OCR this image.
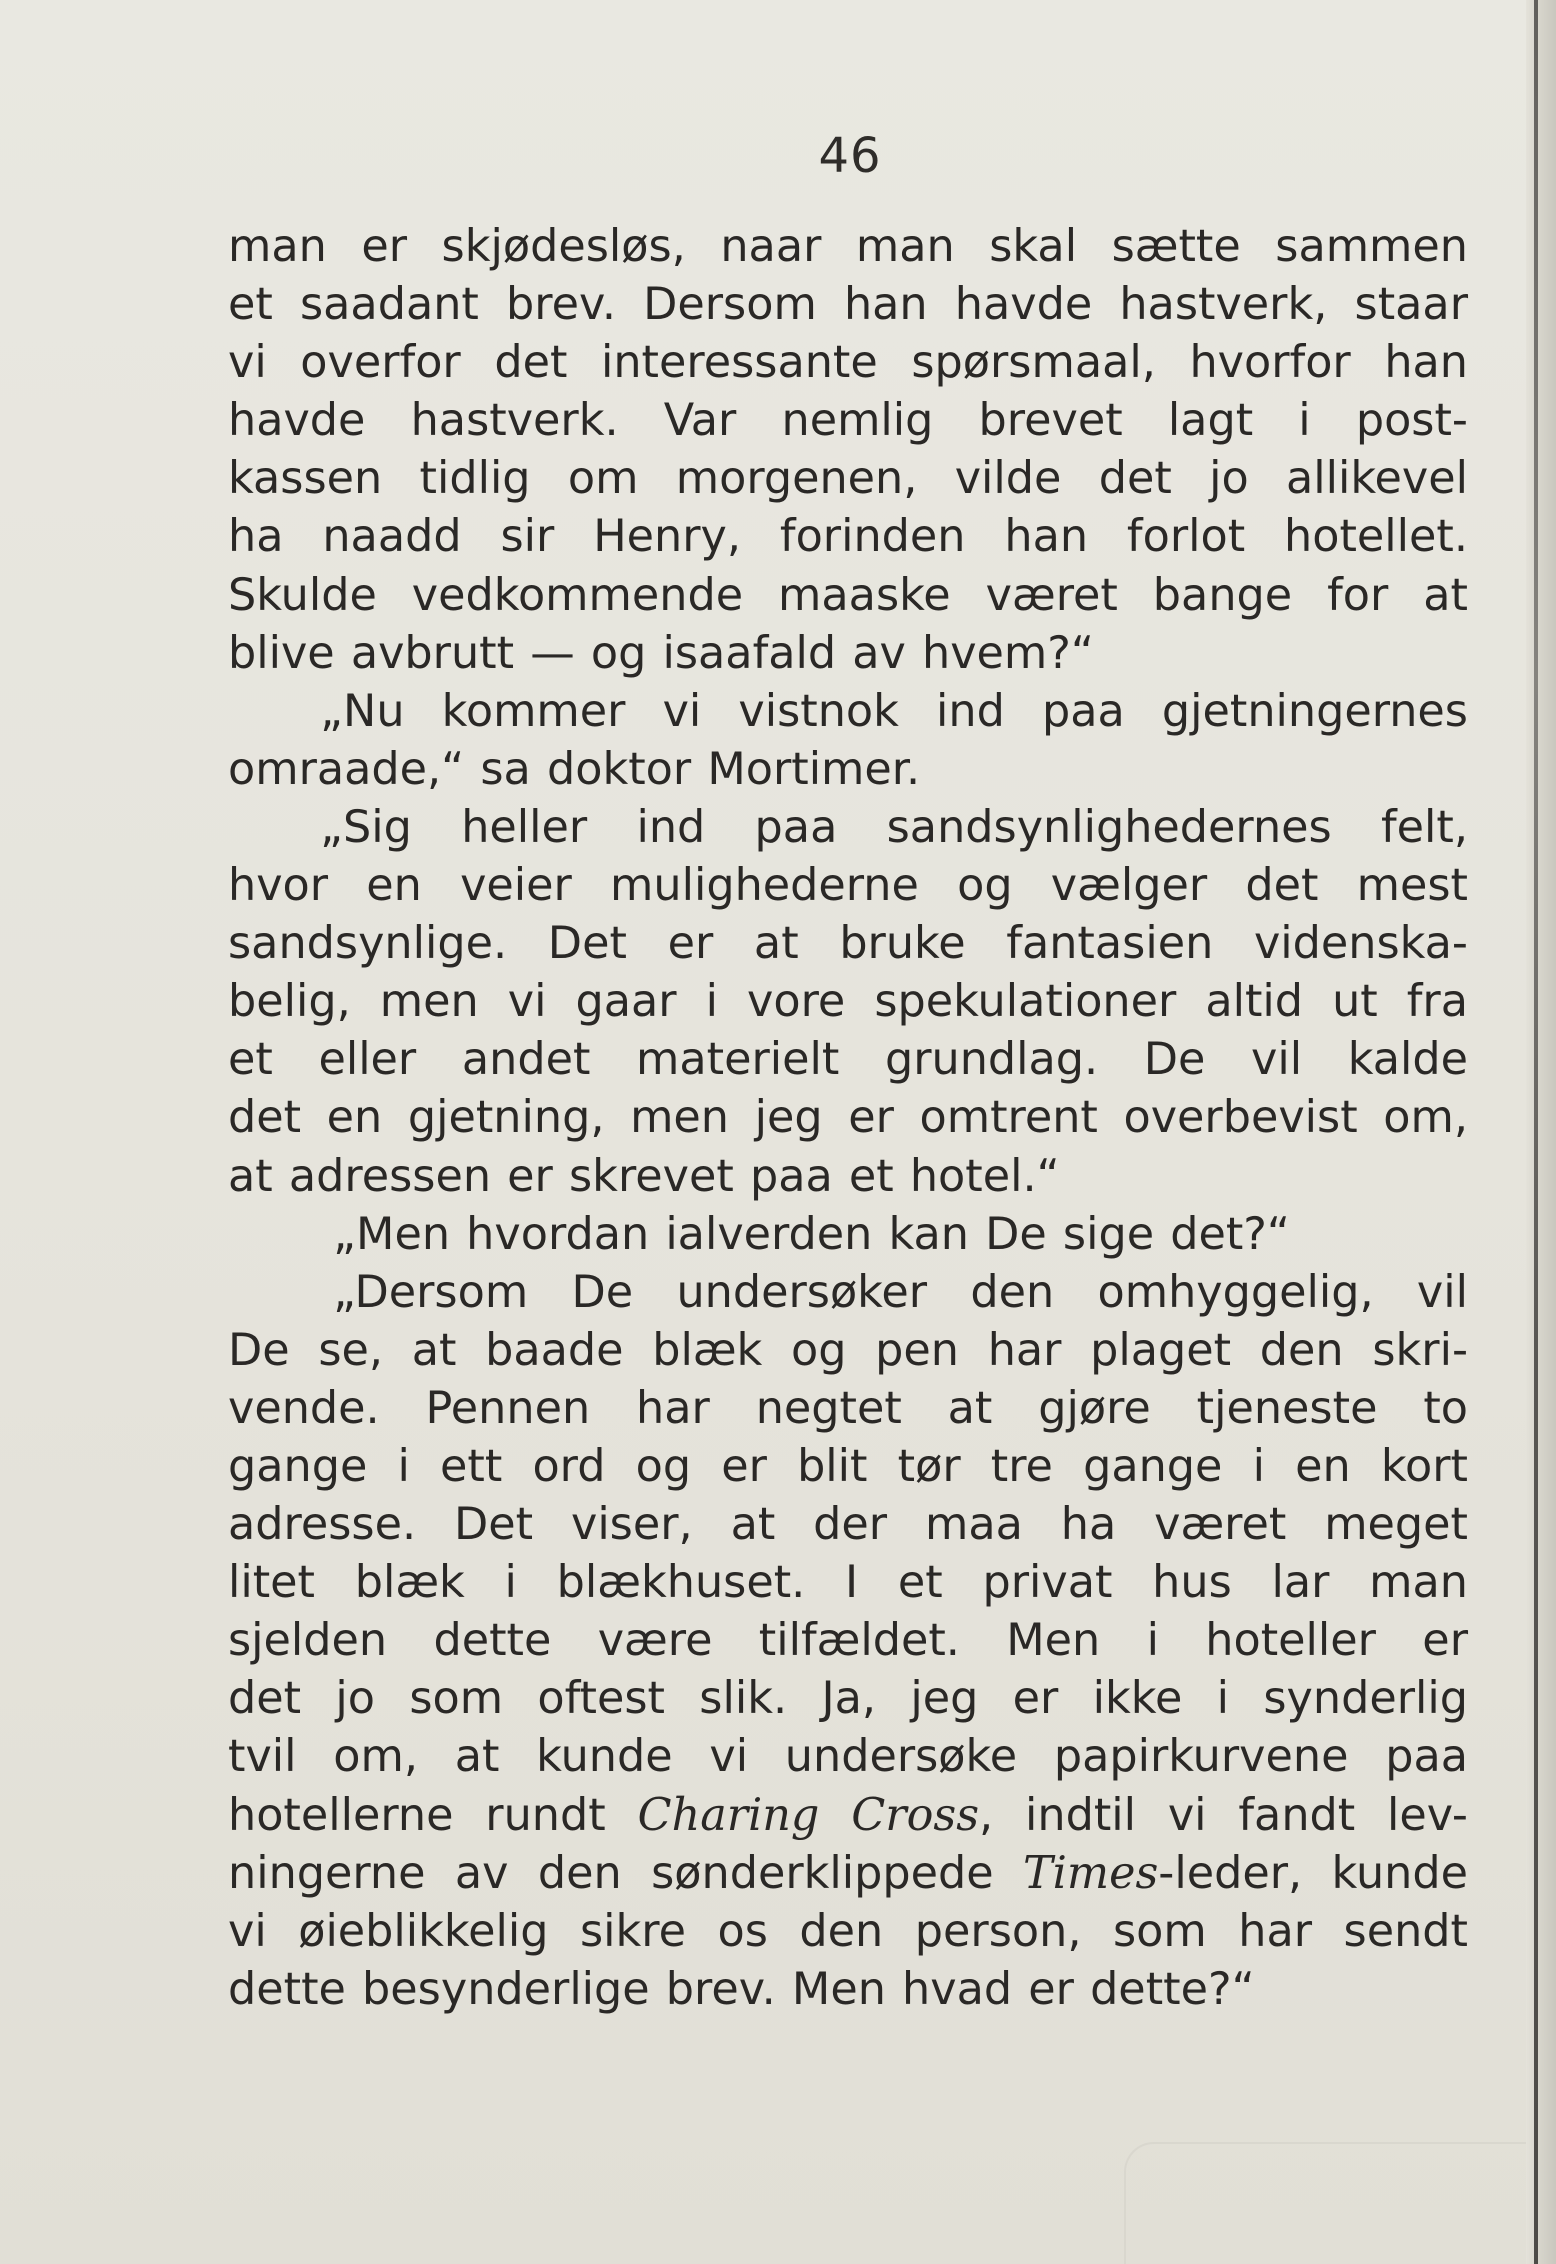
46
man er skjødesløs, naar man skal sætte sammen
et saadant brev. Dersom han havde hastverk, staar
vi overfor det interessante spørsmaal, hvorfor han
havde hastverk. Var nemlig brevet lagt i post-
kassen tidlig om morgenen, vilde det jo allikevel
ha naadd sir Henry, forinden han forlot hotellet.
Skulde vedkommende maaske været bange for at
blive avbrutt — og isaafald av hvem?“
„Nu kommer vi vistnok ind paa gjetningernes
omraade,“ sa doktor Mortimer.
„Sig heller ind paa sandsynlighedernes felt,
hvor en veier mulighederne og vælger det mest
sandsynlige. Det er at bruke fantasien videnska-
belig, men vi gaar i vore spekulationer altid ut fra
et eller andet materielt grundlag. De vil kalde
det en gjetning, men jeg er omtrent overbevist om,
at adressen er skrevet paa et hotel.“
„Men hvordan ialverden kan De sige det?“
„Dersom De undersøker den omhyggelig, vil
De se, at baade blæk og pen har plaget den skri-
vende. Pennen har negtet at gjøre tjeneste to
gange i ett ord og er blit tør tre gange i en kort
adresse. Det viser, at der maa ha været meget
litet blæk i blækhuset. I et privat hus lar man
sjelden dette være tilfældet. Men i hoteller er
det jo som oftest slik. Ja, jeg er ikke i synderlig
tvil om, at kunde vi undersøke papirkurvene paa
hotellerne rundt Charing Cross, indtil vi fandt lev-
ningerne av den sønderklippede Times-leder, kunde
vi øieblikkelig sikre os den person, som har sendt
dette besynderlige brev. Men hvad er dette?“
